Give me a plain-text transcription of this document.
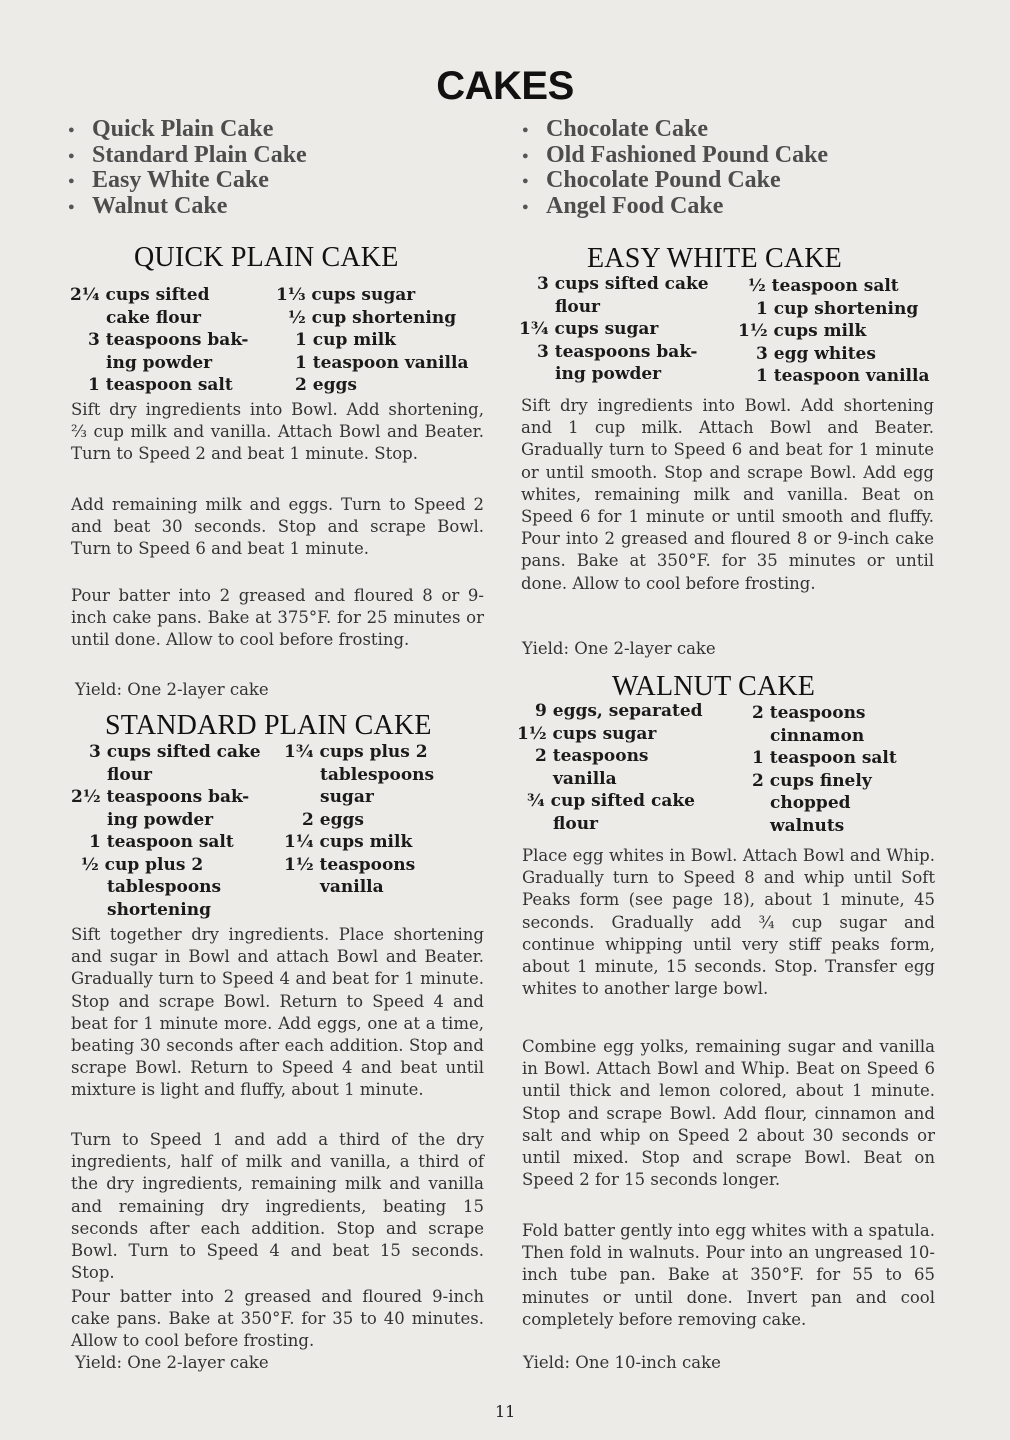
CAKES
● Quick Plain Cake
● Standard Plain Cake
● Easy White Cake
● Walnut Cake
● Chocolate Cake
● Old Fashioned Pound Cake
● Chocolate Pound Cake
● Angel Food Cake
QUICK PLAIN CAKE
2¼ cups sifted
cake flour
3 teaspoons bak-
ing powder
1 teaspoon salt
1⅓ cups sugar
½ cup shortening
1 cup milk
1 teaspoon vanilla
2 eggs

Sift dry ingredients into Bowl. Add shortening, ⅔ cup milk and vanilla. Attach Bowl and Beater. Turn to Speed 2 and beat 1 minute. Stop.

Add remaining milk and eggs. Turn to Speed 2 and beat 30 seconds. Stop and scrape Bowl. Turn to Speed 6 and beat 1 minute.

Pour batter into 2 greased and floured 8 or 9-inch cake pans. Bake at 375°F. for 25 minutes or until done. Allow to cool before frosting.

Yield: One 2-layer cake
STANDARD PLAIN CAKE
3 cups sifted cake
flour
2½ teaspoons bak-
ing powder
1 teaspoon salt
½ cup plus 2
tablespoons
shortening
1¾ cups plus 2
tablespoons
sugar
2 eggs
1¼ cups milk
1½ teaspoons
vanilla

Sift together dry ingredients. Place shortening and sugar in Bowl and attach Bowl and Beater. Gradually turn to Speed 4 and beat for 1 minute. Stop and scrape Bowl. Return to Speed 4 and beat for 1 minute more. Add eggs, one at a time, beating 30 seconds after each addition. Stop and scrape Bowl. Return to Speed 4 and beat until mixture is light and fluffy, about 1 minute.

Turn to Speed 1 and add a third of the dry ingredients, half of milk and vanilla, a third of the dry ingredients, remaining milk and vanilla and remaining dry ingredients, beating 15 seconds after each addition. Stop and scrape Bowl. Turn to Speed 4 and beat 15 seconds. Stop.

Pour batter into 2 greased and floured 9-inch cake pans. Bake at 350°F. for 35 to 40 minutes. Allow to cool before frosting.

Yield: One 2-layer cake
EASY WHITE CAKE
3 cups sifted cake
flour
1¾ cups sugar
3 teaspoons bak-
ing powder
½ teaspoon salt
1 cup shortening
1½ cups milk
3 egg whites
1 teaspoon vanilla

Sift dry ingredients into Bowl. Add shortening and 1 cup milk. Attach Bowl and Beater. Gradually turn to Speed 6 and beat for 1 minute or until smooth. Stop and scrape Bowl. Add egg whites, remaining milk and vanilla. Beat on Speed 6 for 1 minute or until smooth and fluffy. Pour into 2 greased and floured 8 or 9-inch cake pans. Bake at 350°F. for 35 minutes or until done. Allow to cool before frosting.

Yield: One 2-layer cake
WALNUT CAKE
9 eggs, separated
1½ cups sugar
2 teaspoons
vanilla
¾ cup sifted cake
flour
2 teaspoons
cinnamon
1 teaspoon salt
2 cups finely
chopped
walnuts

Place egg whites in Bowl. Attach Bowl and Whip. Gradually turn to Speed 8 and whip until Soft Peaks form (see page 18), about 1 minute, 45 seconds. Gradually add ¾ cup sugar and continue whipping until very stiff peaks form, about 1 minute, 15 seconds. Stop. Transfer egg whites to another large bowl.

Combine egg yolks, remaining sugar and vanilla in Bowl. Attach Bowl and Whip. Beat on Speed 6 until thick and lemon colored, about 1 minute. Stop and scrape Bowl. Add flour, cinnamon and salt and whip on Speed 2 about 30 seconds or until mixed. Stop and scrape Bowl. Beat on Speed 2 for 15 seconds longer.

Fold batter gently into egg whites with a spatula. Then fold in walnuts. Pour into an ungreased 10-inch tube pan. Bake at 350°F. for 55 to 65 minutes or until done. Invert pan and cool completely before removing cake.

Yield: One 10-inch cake
11
